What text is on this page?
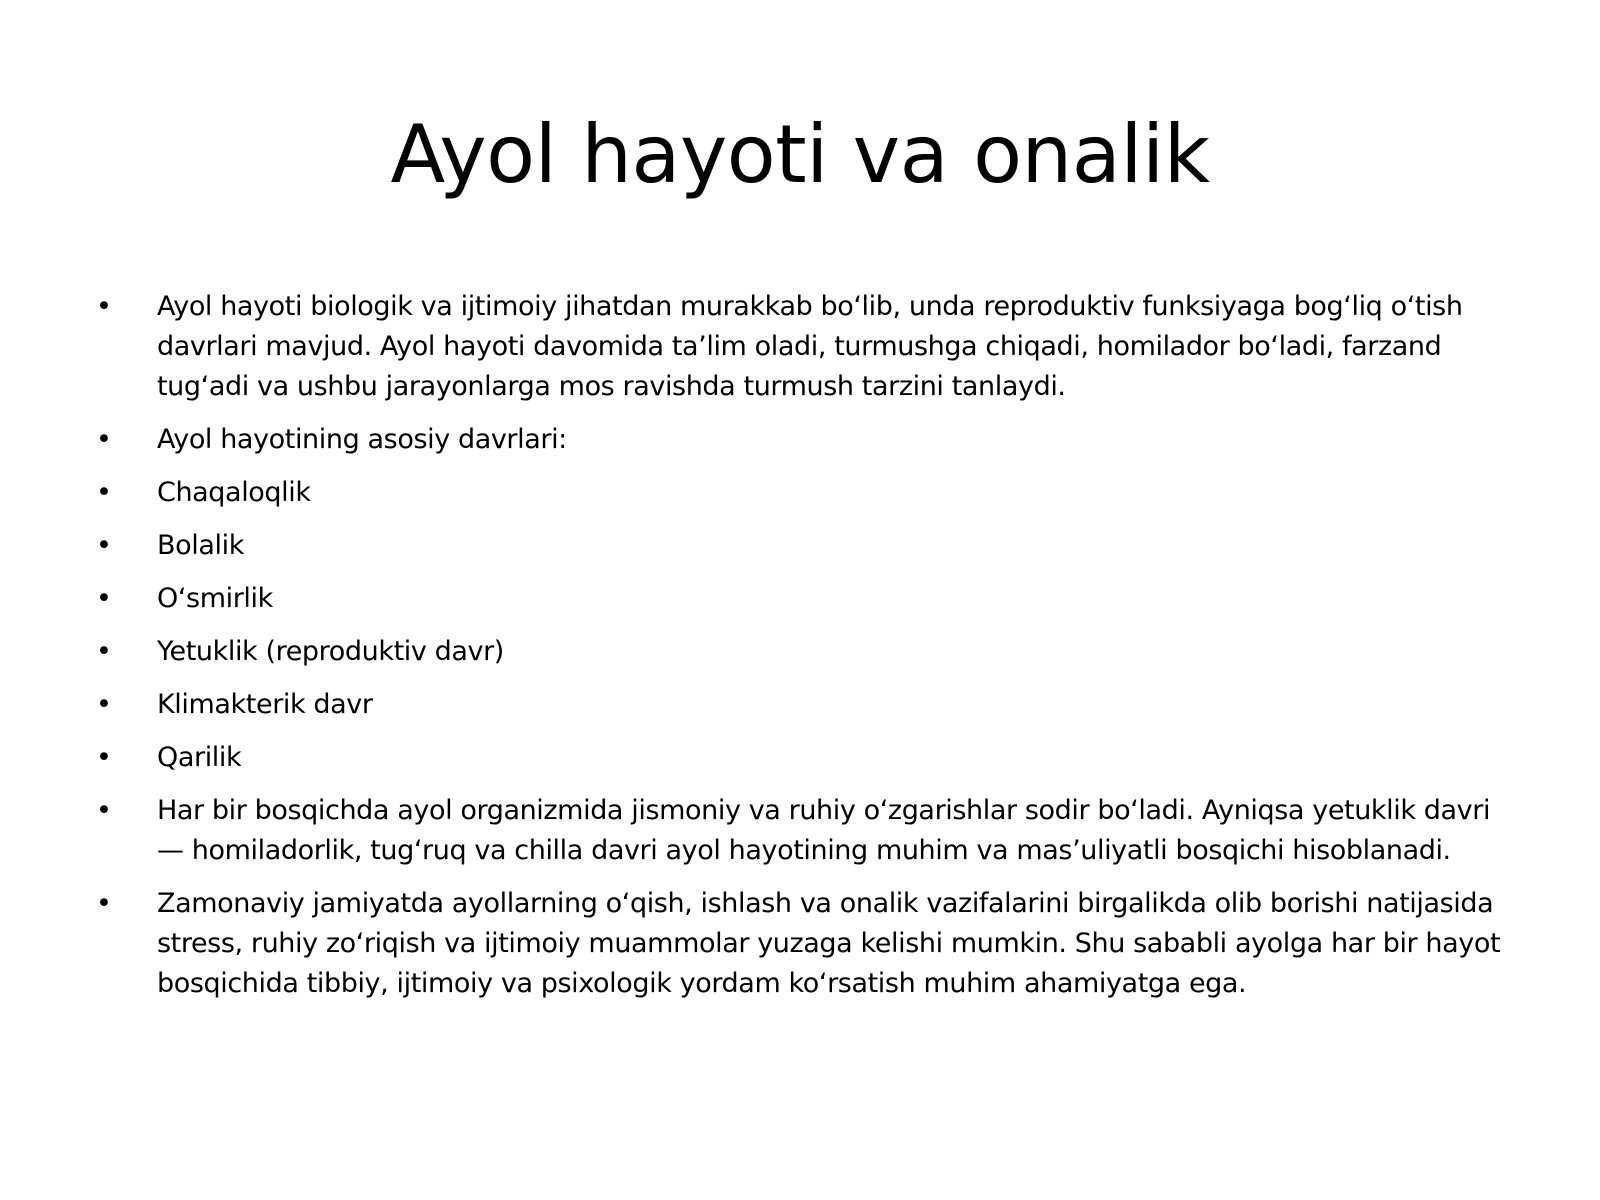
Ayol hayoti va onalik
• Ayol hayoti biologik va ijtimoiy jihatdan murakkab bo‘lib, unda reproduktiv funksiyaga bog‘liq o‘tish davrlari mavjud. Ayol hayoti davomida ta’lim oladi, turmushga chiqadi, homilador bo‘ladi, farzand tug‘adi va ushbu jarayonlarga mos ravishda turmush tarzini tanlaydi.
• Ayol hayotining asosiy davrlari:
• Chaqaloqlik
• Bolalik
• O‘smirlik
• Yetuklik (reproduktiv davr)
• Klimakterik davr
• Qarilik
• Har bir bosqichda ayol organizmida jismoniy va ruhiy o‘zgarishlar sodir bo‘ladi. Ayniqsa yetuklik davri — homiladorlik, tug‘ruq va chilla davri ayol hayotining muhim va mas’uliyatli bosqichi hisoblanadi.
• Zamonaviy jamiyatda ayollarning o‘qish, ishlash va onalik vazifalarini birgalikda olib borishi natijasida stress, ruhiy zo‘riqish va ijtimoiy muammolar yuzaga kelishi mumkin. Shu sababli ayolga har bir hayot bosqichida tibbiy, ijtimoiy va psixologik yordam ko‘rsatish muhim ahamiyatga ega.
